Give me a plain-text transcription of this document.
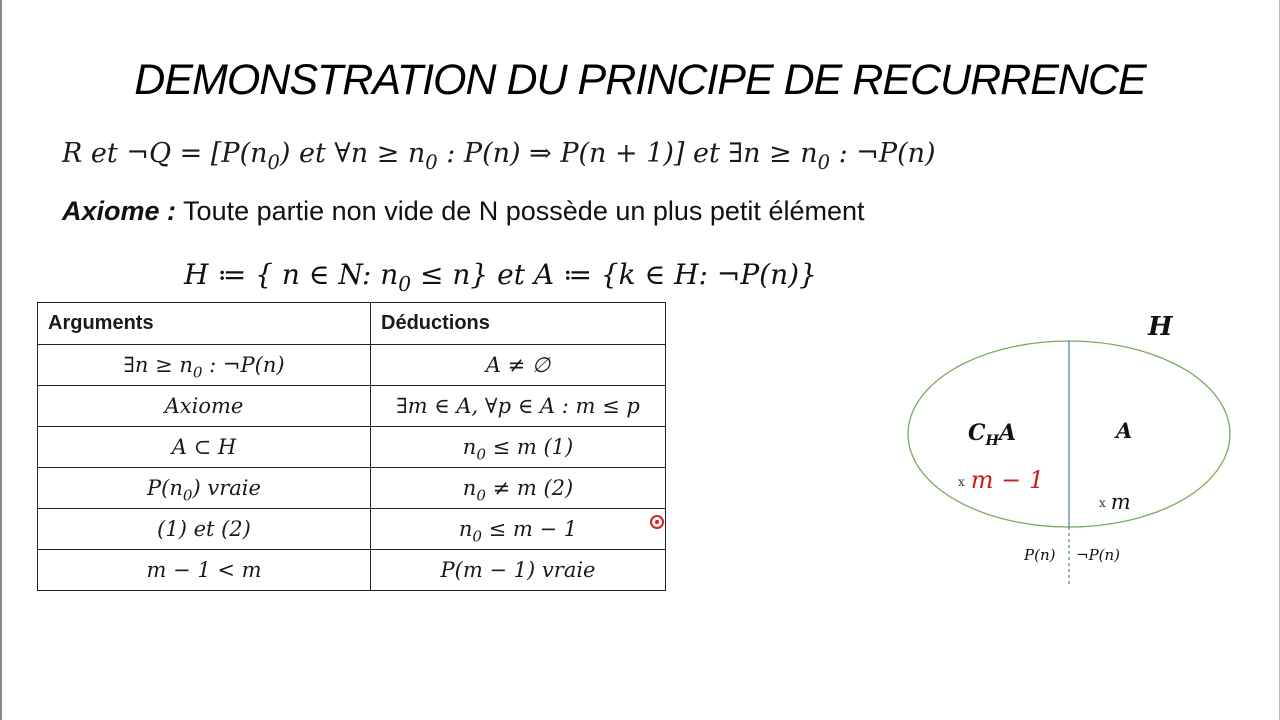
DEMONSTRATION DU PRINCIPE DE RECURRENCE
R et ¬Q = [$P(n_0)$ et ∀n ≥ $n_0$ : P(n) ⇒ P(n + 1)] et ∃n ≥ $n_0$ : ¬P(n)
Axiome : Toute partie non vide de N possède un plus petit élément
H ≔ { n ∈ N: $n_0 \le n$} et A ≔ {k ∈ H: ¬P(n)}
Arguments	Déductions
∃n ≥ $n_0$ : ¬P(n)	A ≠ ∅
Axiome	∃m ∈ A, ∀p ∈ A : m ≤ p
A ⊂ H	$n_0 \le m$ (1)
$P(n_0)$ vraie	$n_0 \ne m$ (2)
(1) et (2)	$n_0 \le m - 1$
m − 1 < m	P(m − 1) vraie
H
$C_HA$	A
x m − 1
x m
P(n) ¬P(n)
